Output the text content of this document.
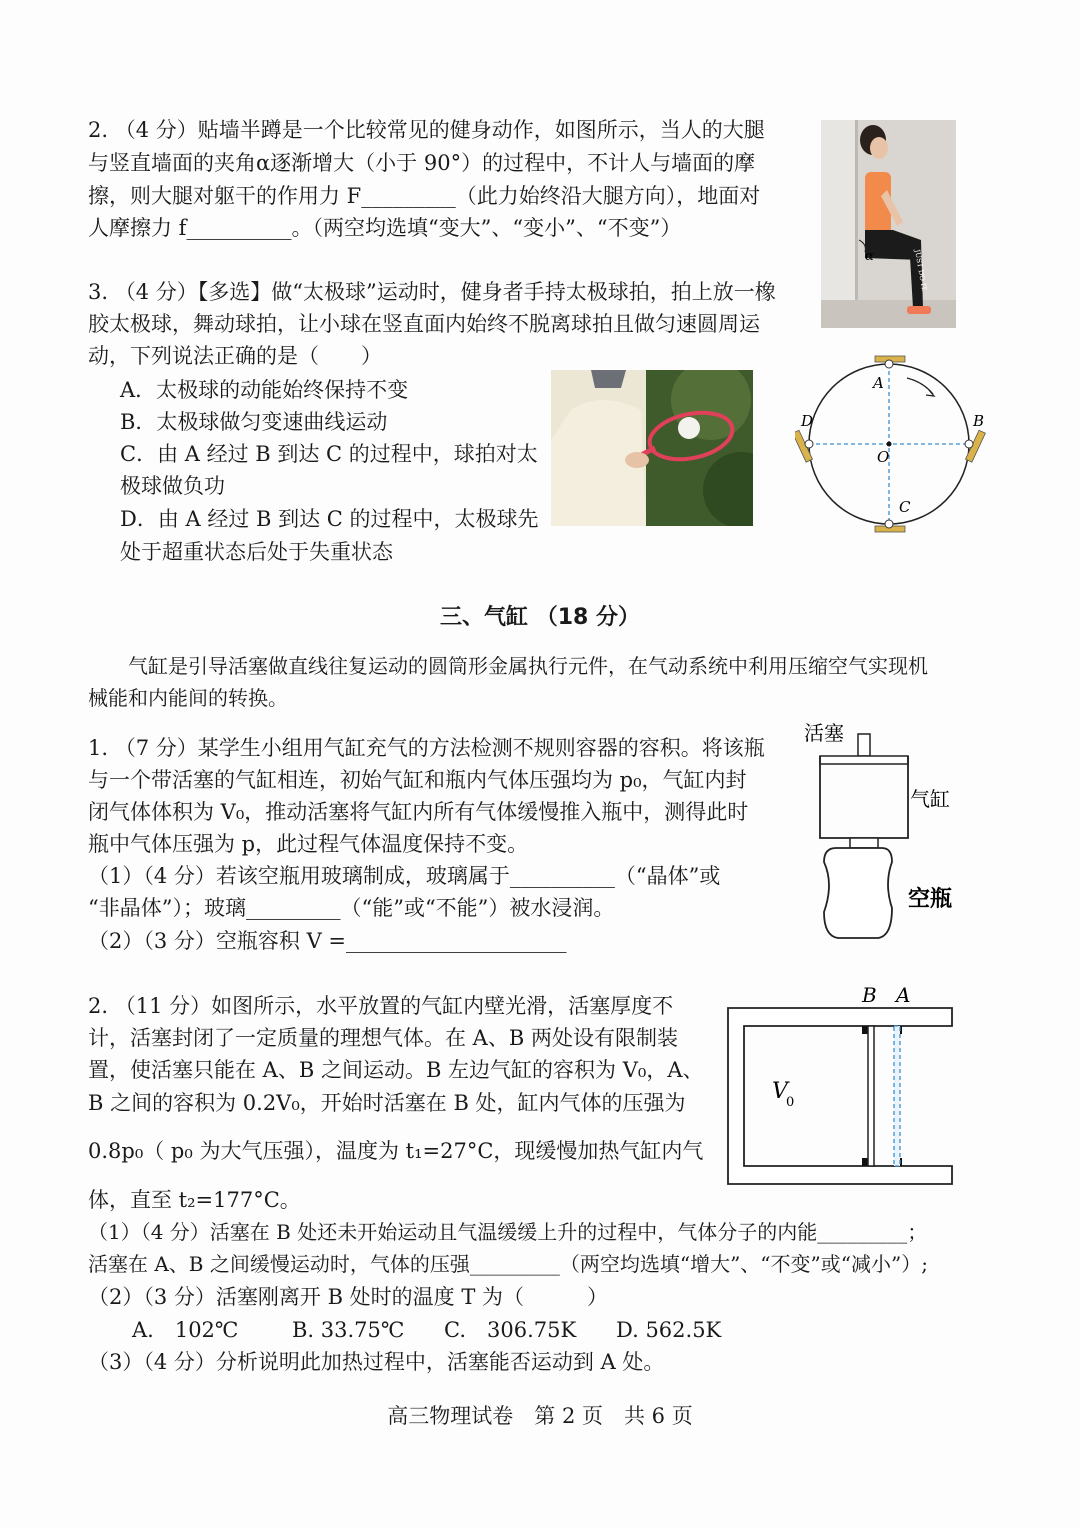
2. （4 分）贴墙半蹲是一个比较常见的健身动作，如图所示，当人的大腿
与竖直墙面的夹角α逐渐增大（小于 90°）的过程中，不计人与墙面的摩
擦，则大腿对躯干的作用力 F_________（此力始终沿大腿方向），地面对
人摩擦力 f__________。（两空均选填“变大”、“变小”、“不变”）
α	JUST DO IT.
3. （4 分）【多选】做“太极球”运动时，健身者手持太极球拍，拍上放一橡
胶太极球，舞动球拍，让小球在竖直面内始终不脱离球拍且做匀速圆周运
动，下列说法正确的是（　　）
A．太极球的动能始终保持不变
B．太极球做匀变速曲线运动
C．由 A 经过 B 到达 C 的过程中，球拍对太
极球做负功
D．由 A 经过 B 到达 C 的过程中，太极球先
处于超重状态后处于失重状态
A
B
C
D
O
三、气缸 （18 分）
　　气缸是引导活塞做直线往复运动的圆筒形金属执行元件，在气动系统中利用压缩空气实现机
械能和内能间的转换。
1. （7 分）某学生小组用气缸充气的方法检测不规则容器的容积。将该瓶
与一个带活塞的气缸相连，初始气缸和瓶内气体压强均为 p₀，气缸内封
闭气体体积为 V₀，推动活塞将气缸内所有气体缓慢推入瓶中，测得此时
瓶中气体压强为 p，此过程气体温度保持不变。
（1）（4 分）若该空瓶用玻璃制成，玻璃属于__________（“晶体”或
“非晶体”）；玻璃_________（“能”或“不能”）被水浸润。
（2）（3 分）空瓶容积 V =_____________________
活塞
气缸
空瓶
2. （11 分）如图所示，水平放置的气缸内壁光滑，活塞厚度不
计，活塞封闭了一定质量的理想气体。在 A、B 两处设有限制装
置，使活塞只能在 A、B 之间运动。B 左边气缸的容积为 V₀，A、
B 之间的容积为 0.2V₀，开始时活塞在 B 处，缸内气体的压强为
0.8p₀（ p₀ 为大气压强），温度为 t₁=27°C，现缓慢加热气缸内气
体，直至 t₂=177°C。
（1）（4 分）活塞在 B 处还未开始运动且气温缓缓上升的过程中，气体分子的内能_________；
活塞在 A、B 之间缓慢运动时，气体的压强_________（两空均选填“增大”、“不变”或“减小”）;
（2）（3 分）活塞刚离开 B 处时的温度 T 为（　　　）
A.　102℃	B. 33.75℃ C.　306.75K D. 562.5K
（3）（4 分）分析说明此加热过程中，活塞能否运动到 A 处。
B A
V
0
高三物理试卷　第 2 页　共 6 页
